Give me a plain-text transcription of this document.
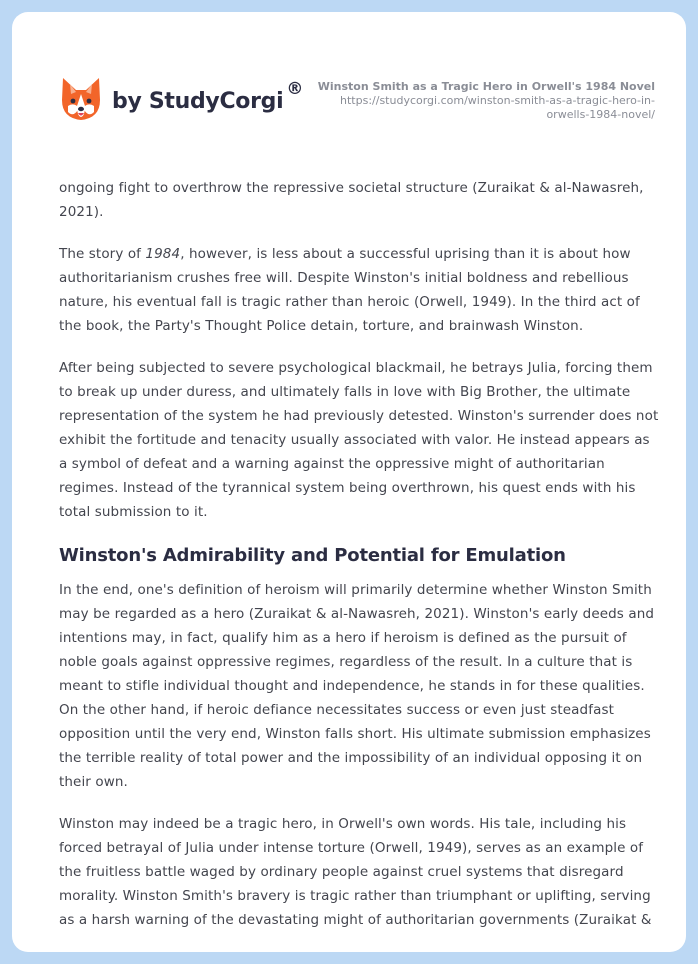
by StudyCorgi ® Winston Smith as a Tragic Hero in Orwell's 1984 Novel
https://studycorgi.com/winston-smith-as-a-tragic-hero-in-
orwells-1984-novel/

ongoing fight to overthrow the repressive societal structure (Zuraikat & al-Nawasreh, 2021).

The story of 1984, however, is less about a successful uprising than it is about how authoritarianism crushes free will. Despite Winston's initial boldness and rebellious nature, his eventual fall is tragic rather than heroic (Orwell, 1949). In the third act of the book, the Party's Thought Police detain, torture, and brainwash Winston.

After being subjected to severe psychological blackmail, he betrays Julia, forcing them to break up under duress, and ultimately falls in love with Big Brother, the ultimate representation of the system he had previously detested. Winston's surrender does not exhibit the fortitude and tenacity usually associated with valor. He instead appears as a symbol of defeat and a warning against the oppressive might of authoritarian regimes. Instead of the tyrannical system being overthrown, his quest ends with his total submission to it.

Winston's Admirability and Potential for Emulation

In the end, one's definition of heroism will primarily determine whether Winston Smith may be regarded as a hero (Zuraikat & al-Nawasreh, 2021). Winston's early deeds and intentions may, in fact, qualify him as a hero if heroism is defined as the pursuit of noble goals against oppressive regimes, regardless of the result. In a culture that is meant to stifle individual thought and independence, he stands in for these qualities. On the other hand, if heroic defiance necessitates success or even just steadfast opposition until the very end, Winston falls short. His ultimate submission emphasizes the terrible reality of total power and the impossibility of an individual opposing it on their own.

Winston may indeed be a tragic hero, in Orwell's own words. His tale, including his forced betrayal of Julia under intense torture (Orwell, 1949), serves as an example of the fruitless battle waged by ordinary people against cruel systems that disregard morality. Winston Smith's bravery is tragic rather than triumphant or uplifting, serving as a harsh warning of the devastating might of authoritarian governments (Zuraikat &
